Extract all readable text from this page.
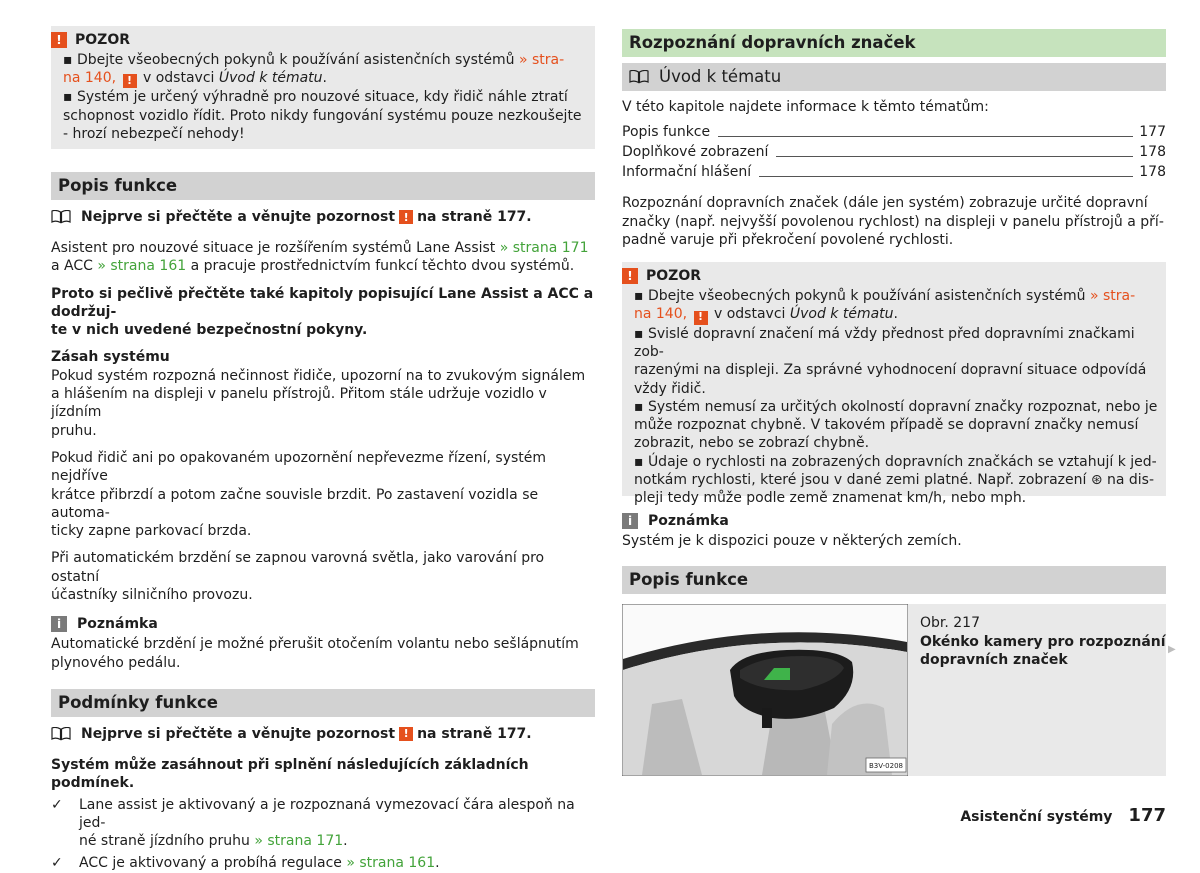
! POZOR

▪ Dbejte všeobecných pokynů k používání asistenčních systémů » stra-

na 140, ! v odstavci Úvod k tématu.

▪ Systém je určený výhradně pro nouzové situace, kdy řidič náhle ztratí

schopnost vozidlo řídit. Proto nikdy fungování systému pouze nezkoušejte

- hrozí nebezpečí nehody!

Popis funkce
Nejprve si přečtěte a věnujte pozornost ! na straně 177.

Asistent pro nouzové situace je rozšířením systémů Lane Assist » strana 171

a ACC » strana 161 a pracuje prostřednictvím funkcí těchto dvou systémů.

Proto si pečlivě přečtěte také kapitoly popisující Lane Assist a ACC a dodržuj-

te v nich uvedené bezpečnostní pokyny.

Zásah systému

Pokud systém rozpozná nečinnost řidiče, upozorní na to zvukovým signálem

a hlášením na displeji v panelu přístrojů. Přitom stále udržuje vozidlo v jízdním

pruhu.

Pokud řidič ani po opakovaném upozornění nepřevezme řízení, systém nejdříve

krátce přibrzdí a potom začne souvisle brzdit. Po zastavení vozidla se automa-

ticky zapne parkovací brzda.

Při automatickém brzdění se zapnou varovná světla, jako varování pro ostatní

účastníky silničního provozu.

i	Poznámka

Automatické brzdění je možné přerušit otočením volantu nebo sešlápnutím

plynového pedálu.

Podmínky funkce
Nejprve si přečtěte a věnujte pozornost ! na straně 177.

Systém může zasáhnout při splnění následujících základních podmínek.

✓	Lane assist je aktivovaný a je rozpoznaná vymezovací čára alespoň na jed-

né straně jízdního pruhu » strana 171.

✓	ACC je aktivovaný a probíhá regulace » strana 161.

Rozpoznání dopravních značek
Úvod k tématu

V této kapitole najdete informace k těmto tématům:

Popis funkce	177
Doplňkové zobrazení	178
Informační hlášení	178

Rozpoznání dopravních značek (dále jen systém) zobrazuje určité dopravní

značky (např. nejvyšší povolenou rychlost) na displeji v panelu přístrojů a pří-

padně varuje při překročení povolené rychlosti.

! POZOR

▪ Dbejte všeobecných pokynů k používání asistenčních systémů » stra-

na 140, ! v odstavci Úvod k tématu.

▪ Svislé dopravní značení má vždy přednost před dopravními značkami zob-

razenými na displeji. Za správné vyhodnocení dopravní situace odpovídá

vždy řidič.

▪ Systém nemusí za určitých okolností dopravní značky rozpoznat, nebo je

může rozpoznat chybně. V takovém případě se dopravní značky nemusí

zobrazit, nebo se zobrazí chybně.

▪ Údaje o rychlosti na zobrazených dopravních značkách se vztahují k jed-

notkám rychlosti, které jsou v dané zemi platné. Např. zobrazení ⊛ na dis-

pleji tedy může podle země znamenat km/h, nebo mph.

i	Poznámka

Systém je k dispozici pouze v některých zemích.

Popis funkce
B3V-0208

Obr. 217

Okénko kamery pro rozpoznání

dopravních značek

▶
Asistenční systémy 177
